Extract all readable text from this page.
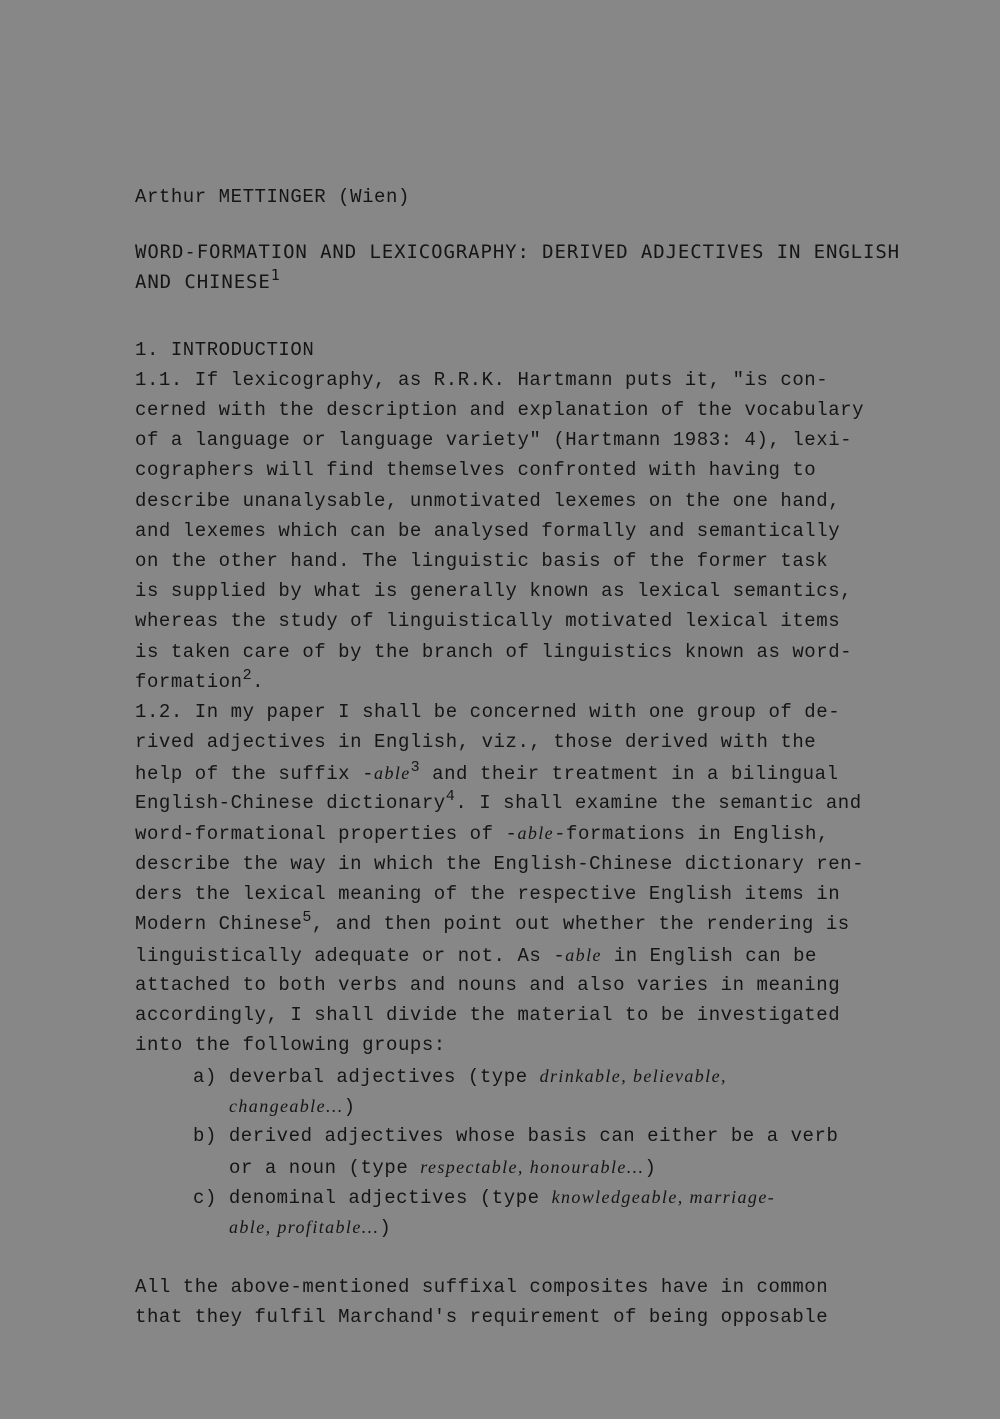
Arthur METTINGER (Wien)
WORD-FORMATION AND LEXICOGRAPHY: DERIVED ADJECTIVES IN ENGLISH
AND CHINESE$^1$
1. INTRODUCTION
1.1. If lexicography, as R.R.K. Hartmann puts it, "is con-
cerned with the description and explanation of the vocabulary
of a language or language variety" (Hartmann 1983: 4), lexi-
cographers will find themselves confronted with having to
describe unanalysable, unmotivated lexemes on the one hand,
and lexemes which can be analysed formally and semantically
on the other hand. The linguistic basis of the former task
is supplied by what is generally known as lexical semantics,
whereas the study of linguistically motivated lexical items
is taken care of by the branch of linguistics known as word-
formation$^2$.
1.2. In my paper I shall be concerned with one group of de-
rived adjectives in English, viz., those derived with the
help of the suffix -able$^3$ and their treatment in a bilingual
English-Chinese dictionary$^4$. I shall examine the semantic and
word-formational properties of -able-formations in English,
describe the way in which the English-Chinese dictionary ren-
ders the lexical meaning of the respective English items in
Modern Chinese$^5$, and then point out whether the rendering is
linguistically adequate or not. As -able in English can be
attached to both verbs and nouns and also varies in meaning
accordingly, I shall divide the material to be investigated
into the following groups:
a) deverbal adjectives (type drinkable, believable,
changeable...)
b) derived adjectives whose basis can either be a verb
or a noun (type respectable, honourable...)
c) denominal adjectives (type knowledgeable, marriage-
able, profitable...)
All the above-mentioned suffixal composites have in common
that they fulfil Marchand's requirement of being opposable
